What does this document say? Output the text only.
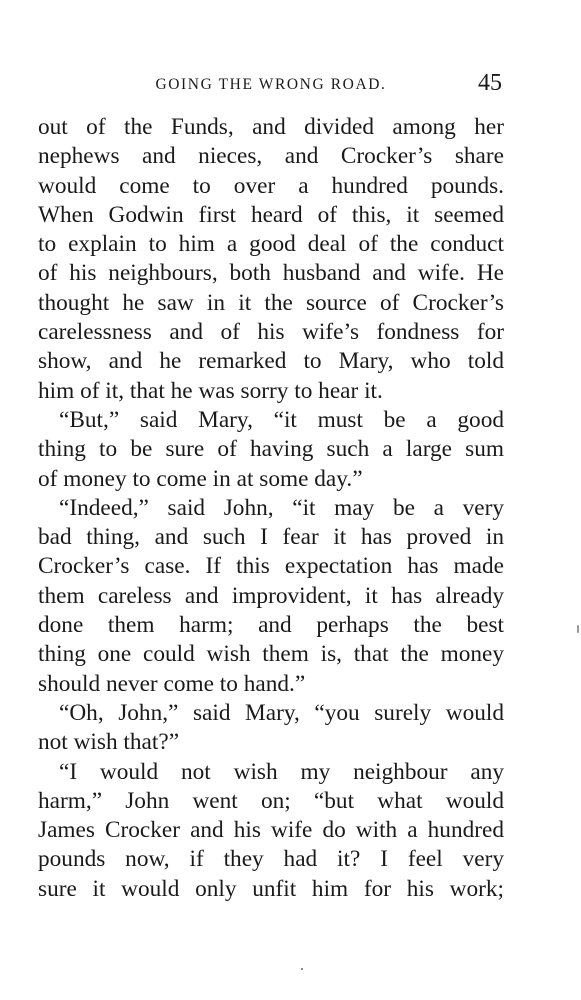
GOING THE WRONG ROAD.	45
out of the Funds, and divided among her
nephews and nieces, and Crocker’s share
would come to over a hundred pounds.
When Godwin first heard of this, it seemed
to explain to him a good deal of the conduct
of his neighbours, both husband and wife. He
thought he saw in it the source of Crocker’s
carelessness and of his wife’s fondness for
show, and he remarked to Mary, who told
him of it, that he was sorry to hear it.
“But,” said Mary, “it must be a good
thing to be sure of having such a large sum
of money to come in at some day.”
“Indeed,” said John, “it may be a very
bad thing, and such I fear it has proved in
Crocker’s case. If this expectation has made
them careless and improvident, it has already
done them harm; and perhaps the best
thing one could wish them is, that the money
should never come to hand.”
“Oh, John,” said Mary, “you surely would
not wish that?”
“I would not wish my neighbour any
harm,” John went on; “but what would
James Crocker and his wife do with a hundred
pounds now, if they had it? I feel very
sure it would only unfit him for his work;
